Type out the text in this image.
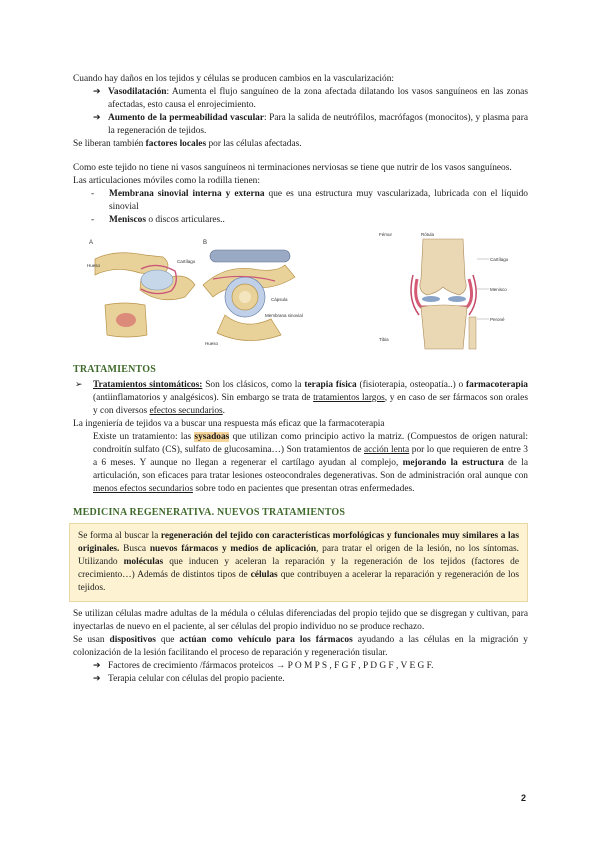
Cuando hay daños en los tejidos y células se producen cambios en la vascularización:

➔ Vasodilatación: Aumenta el flujo sanguíneo de la zona afectada dilatando los vasos sanguíneos en las zonas afectadas, esto causa el enrojecimiento.
➔ Aumento de la permeabilidad vascular: Para la salida de neutrófilos, macrófagos (monocitos), y plasma para la regeneración de tejidos.

Se liberan también factores locales por las células afectadas.

Como este tejido no tiene ni vasos sanguíneos ni terminaciones nerviosas se tiene que nutrir de los vasos sanguíneos.

Las articulaciones móviles como la rodilla tienen:

- Membrana sinovial interna y externa que es una estructura muy vascularizada, lubricada con el líquido sinovial
- Meniscos o discos articulares..
A	B
Hueso
Cartílago
Cápsula
Membrana sinovial
Hueso
Fémur	Rótula
Cartílago
Menisco
Tibia
Peroné
TRATAMIENTOS
➢ Tratamientos sintomáticos: Son los clásicos, como la terapia física (fisioterapia, osteopatía..) o farmacoterapia (antiinflamatorios y analgésicos). Sin embargo se trata de tratamientos largos, y en caso de ser fármacos son orales y con diversos efectos secundarios.

La ingeniería de tejidos va a buscar una respuesta más eficaz que la farmacoterapia

Existe un tratamiento: las sysadoas que utilizan como principio activo la matriz. (Compuestos de origen natural: condroitín sulfato (CS), sulfato de glucosamina…) Son tratamientos de acción lenta por lo que requieren de entre 3 a 6 meses. Y aunque no llegan a regenerar el cartílago ayudan al complejo, mejorando la estructura de la articulación, son eficaces para tratar lesiones osteocondrales degenerativas. Son de administración oral aunque con menos efectos secundarios sobre todo en pacientes que presentan otras enfermedades.

MEDICINA REGENERATIVA. NUEVOS TRATAMIENTOS

Se forma al buscar la regeneración del tejido con características morfológicas y funcionales muy similares a las originales. Busca nuevos fármacos y medios de aplicación, para tratar el origen de la lesión, no los síntomas. Utilizando moléculas que inducen y aceleran la reparación y la regeneración de los tejidos (factores de crecimiento…) Además de distintos tipos de células que contribuyen a acelerar la reparación y regeneración de los tejidos.

Se utilizan células madre adultas de la médula o células diferenciadas del propio tejido que se disgregan y cultivan, para inyectarlas de nuevo en el paciente, al ser células del propio individuo no se produce rechazo.

Se usan dispositivos que actúan como vehículo para los fármacos ayudando a las células en la migración y colonización de la lesión facilitando el proceso de reparación y regeneración tisular.

➔ Factores de crecimiento /fármacos proteicos → P O M P S , F G F , P D G F , V E G F.
➔ Terapia celular con células del propio paciente.
2
